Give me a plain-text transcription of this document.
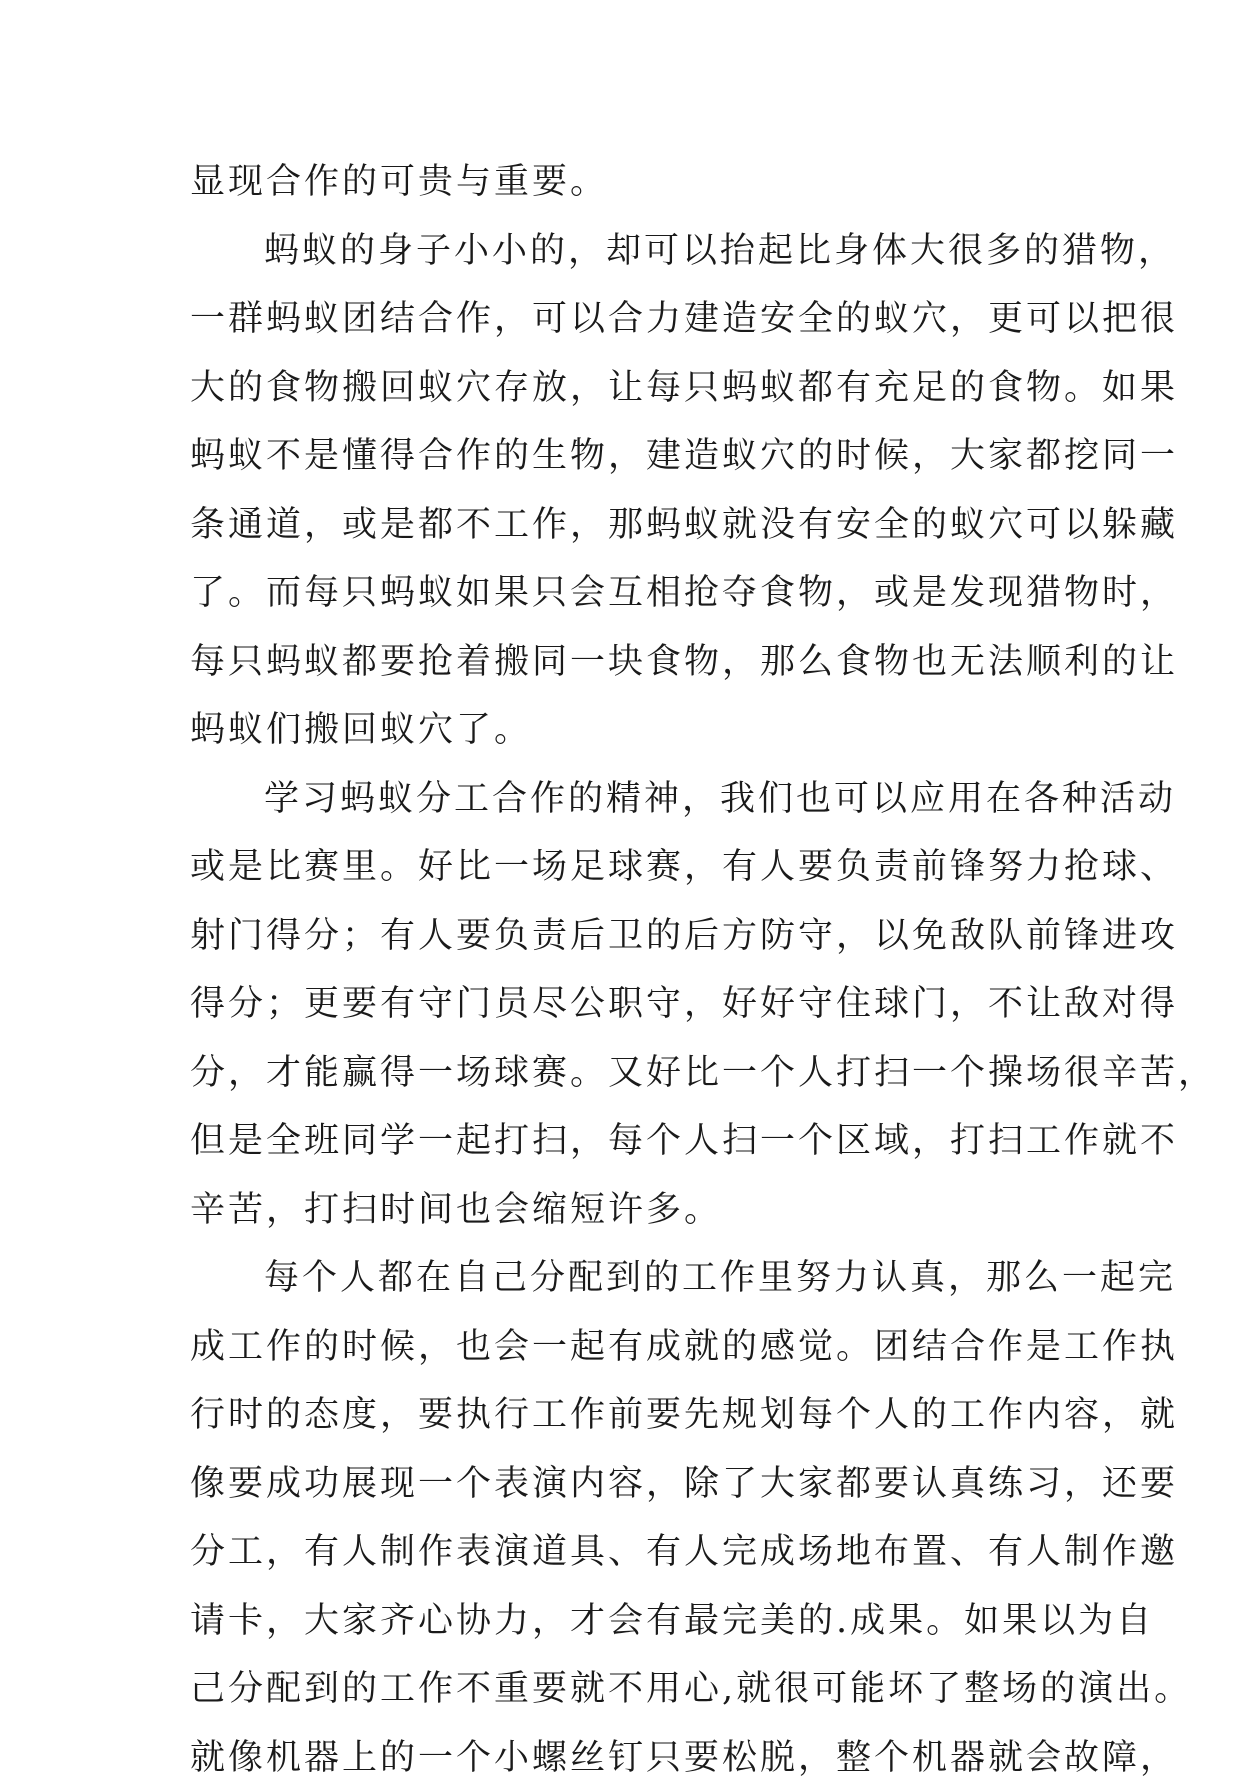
显现合作的可贵与重要。
蚂蚁的身子小小的，却可以抬起比身体大很多的猎物，
一群蚂蚁团结合作，可以合力建造安全的蚁穴，更可以把很
大的食物搬回蚁穴存放，让每只蚂蚁都有充足的食物。如果
蚂蚁不是懂得合作的生物，建造蚁穴的时候，大家都挖同一
条通道，或是都不工作，那蚂蚁就没有安全的蚁穴可以躲藏
了。而每只蚂蚁如果只会互相抢夺食物，或是发现猎物时，
每只蚂蚁都要抢着搬同一块食物，那么食物也无法顺利的让
蚂蚁们搬回蚁穴了。
学习蚂蚁分工合作的精神，我们也可以应用在各种活动
或是比赛里。好比一场足球赛，有人要负责前锋努力抢球、
射门得分；有人要负责后卫的后方防守，以免敌队前锋进攻
得分；更要有守门员尽公职守，好好守住球门，不让敌对得
分，才能赢得一场球赛。又好比一个人打扫一个操场很辛苦，
但是全班同学一起打扫，每个人扫一个区域，打扫工作就不
辛苦，打扫时间也会缩短许多。
每个人都在自己分配到的工作里努力认真，那么一起完
成工作的时候，也会一起有成就的感觉。团结合作是工作执
行时的态度，要执行工作前要先规划每个人的工作内容，就
像要成功展现一个表演内容，除了大家都要认真练习，还要
分工，有人制作表演道具、有人完成场地布置、有人制作邀
请卡，大家齐心协力，才会有最完美的.成果。如果以为自
己分配到的工作不重要就不用心,就很可能坏了整场的演出。
就像机器上的一个小螺丝钉只要松脱，整个机器就会故障，
